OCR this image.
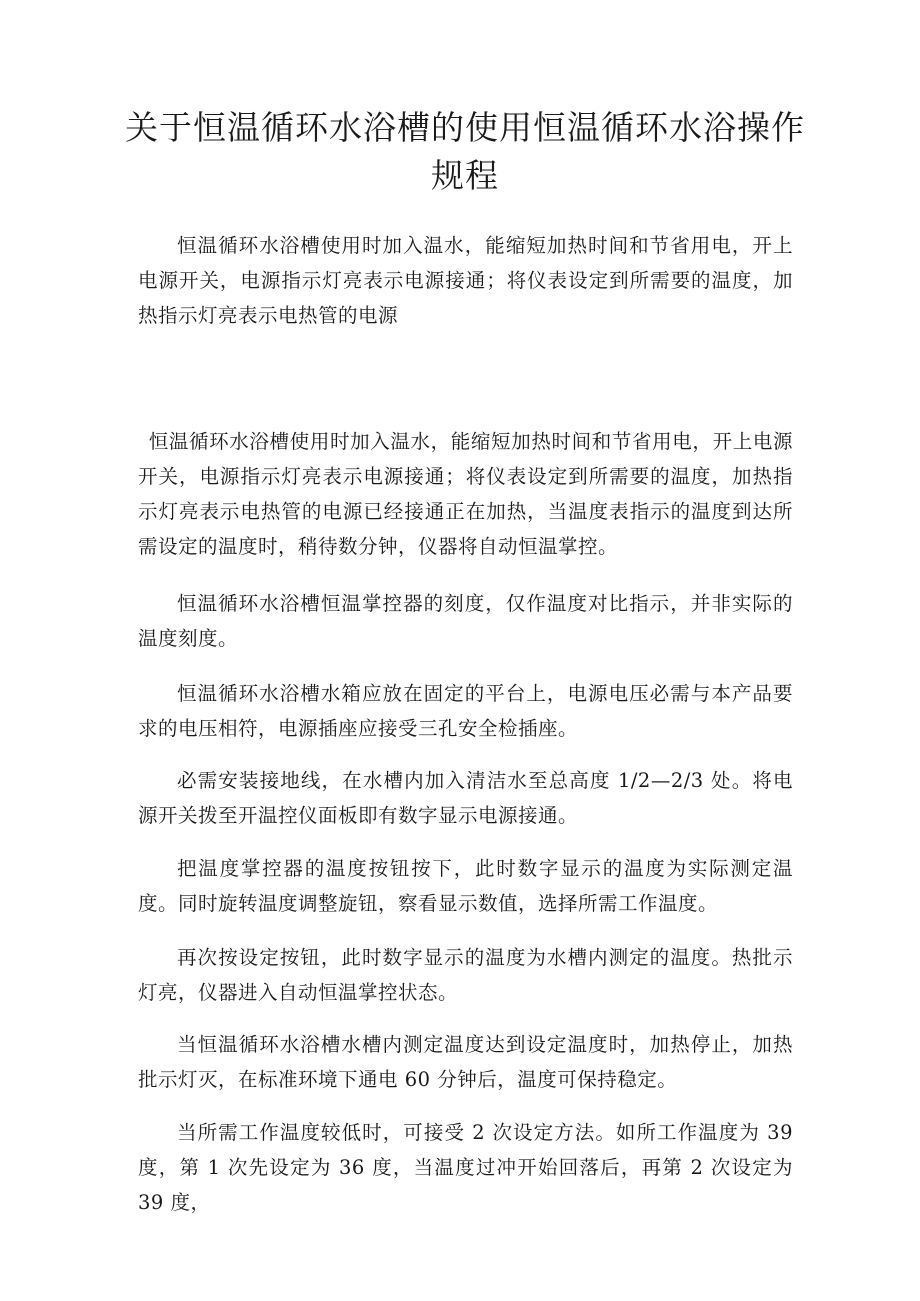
关于恒温循环水浴槽的使用恒温循环水浴操作规程

恒温循环水浴槽使用时加入温水，能缩短加热时间和节省用电，开上电源开关，电源指示灯亮表示电源接通；将仪表设定到所需要的温度，加热指示灯亮表示电热管的电源

恒温循环水浴槽使用时加入温水，能缩短加热时间和节省用电，开上电源开关，电源指示灯亮表示电源接通；将仪表设定到所需要的温度，加热指示灯亮表示电热管的电源已经接通正在加热，当温度表指示的温度到达所需设定的温度时，稍待数分钟，仪器将自动恒温掌控。

恒温循环水浴槽恒温掌控器的刻度，仅作温度对比指示，并非实际的温度刻度。

恒温循环水浴槽水箱应放在固定的平台上，电源电压必需与本产品要求的电压相符，电源插座应接受三孔安全检插座。

必需安装接地线，在水槽内加入清洁水至总高度 1/2—2/3 处。将电源开关拨至开温控仪面板即有数字显示电源接通。

把温度掌控器的温度按钮按下，此时数字显示的温度为实际测定温度。同时旋转温度调整旋钮，察看显示数值，选择所需工作温度。

再次按设定按钮，此时数字显示的温度为水槽内测定的温度。热批示灯亮，仪器进入自动恒温掌控状态。

当恒温循环水浴槽水槽内测定温度达到设定温度时，加热停止，加热批示灯灭，在标准环境下通电 60 分钟后，温度可保持稳定。

当所需工作温度较低时，可接受 2 次设定方法。如所工作温度为 39 度，第 1 次先设定为 36 度，当温度过冲开始回落后，再第 2 次设定为 39 度，
